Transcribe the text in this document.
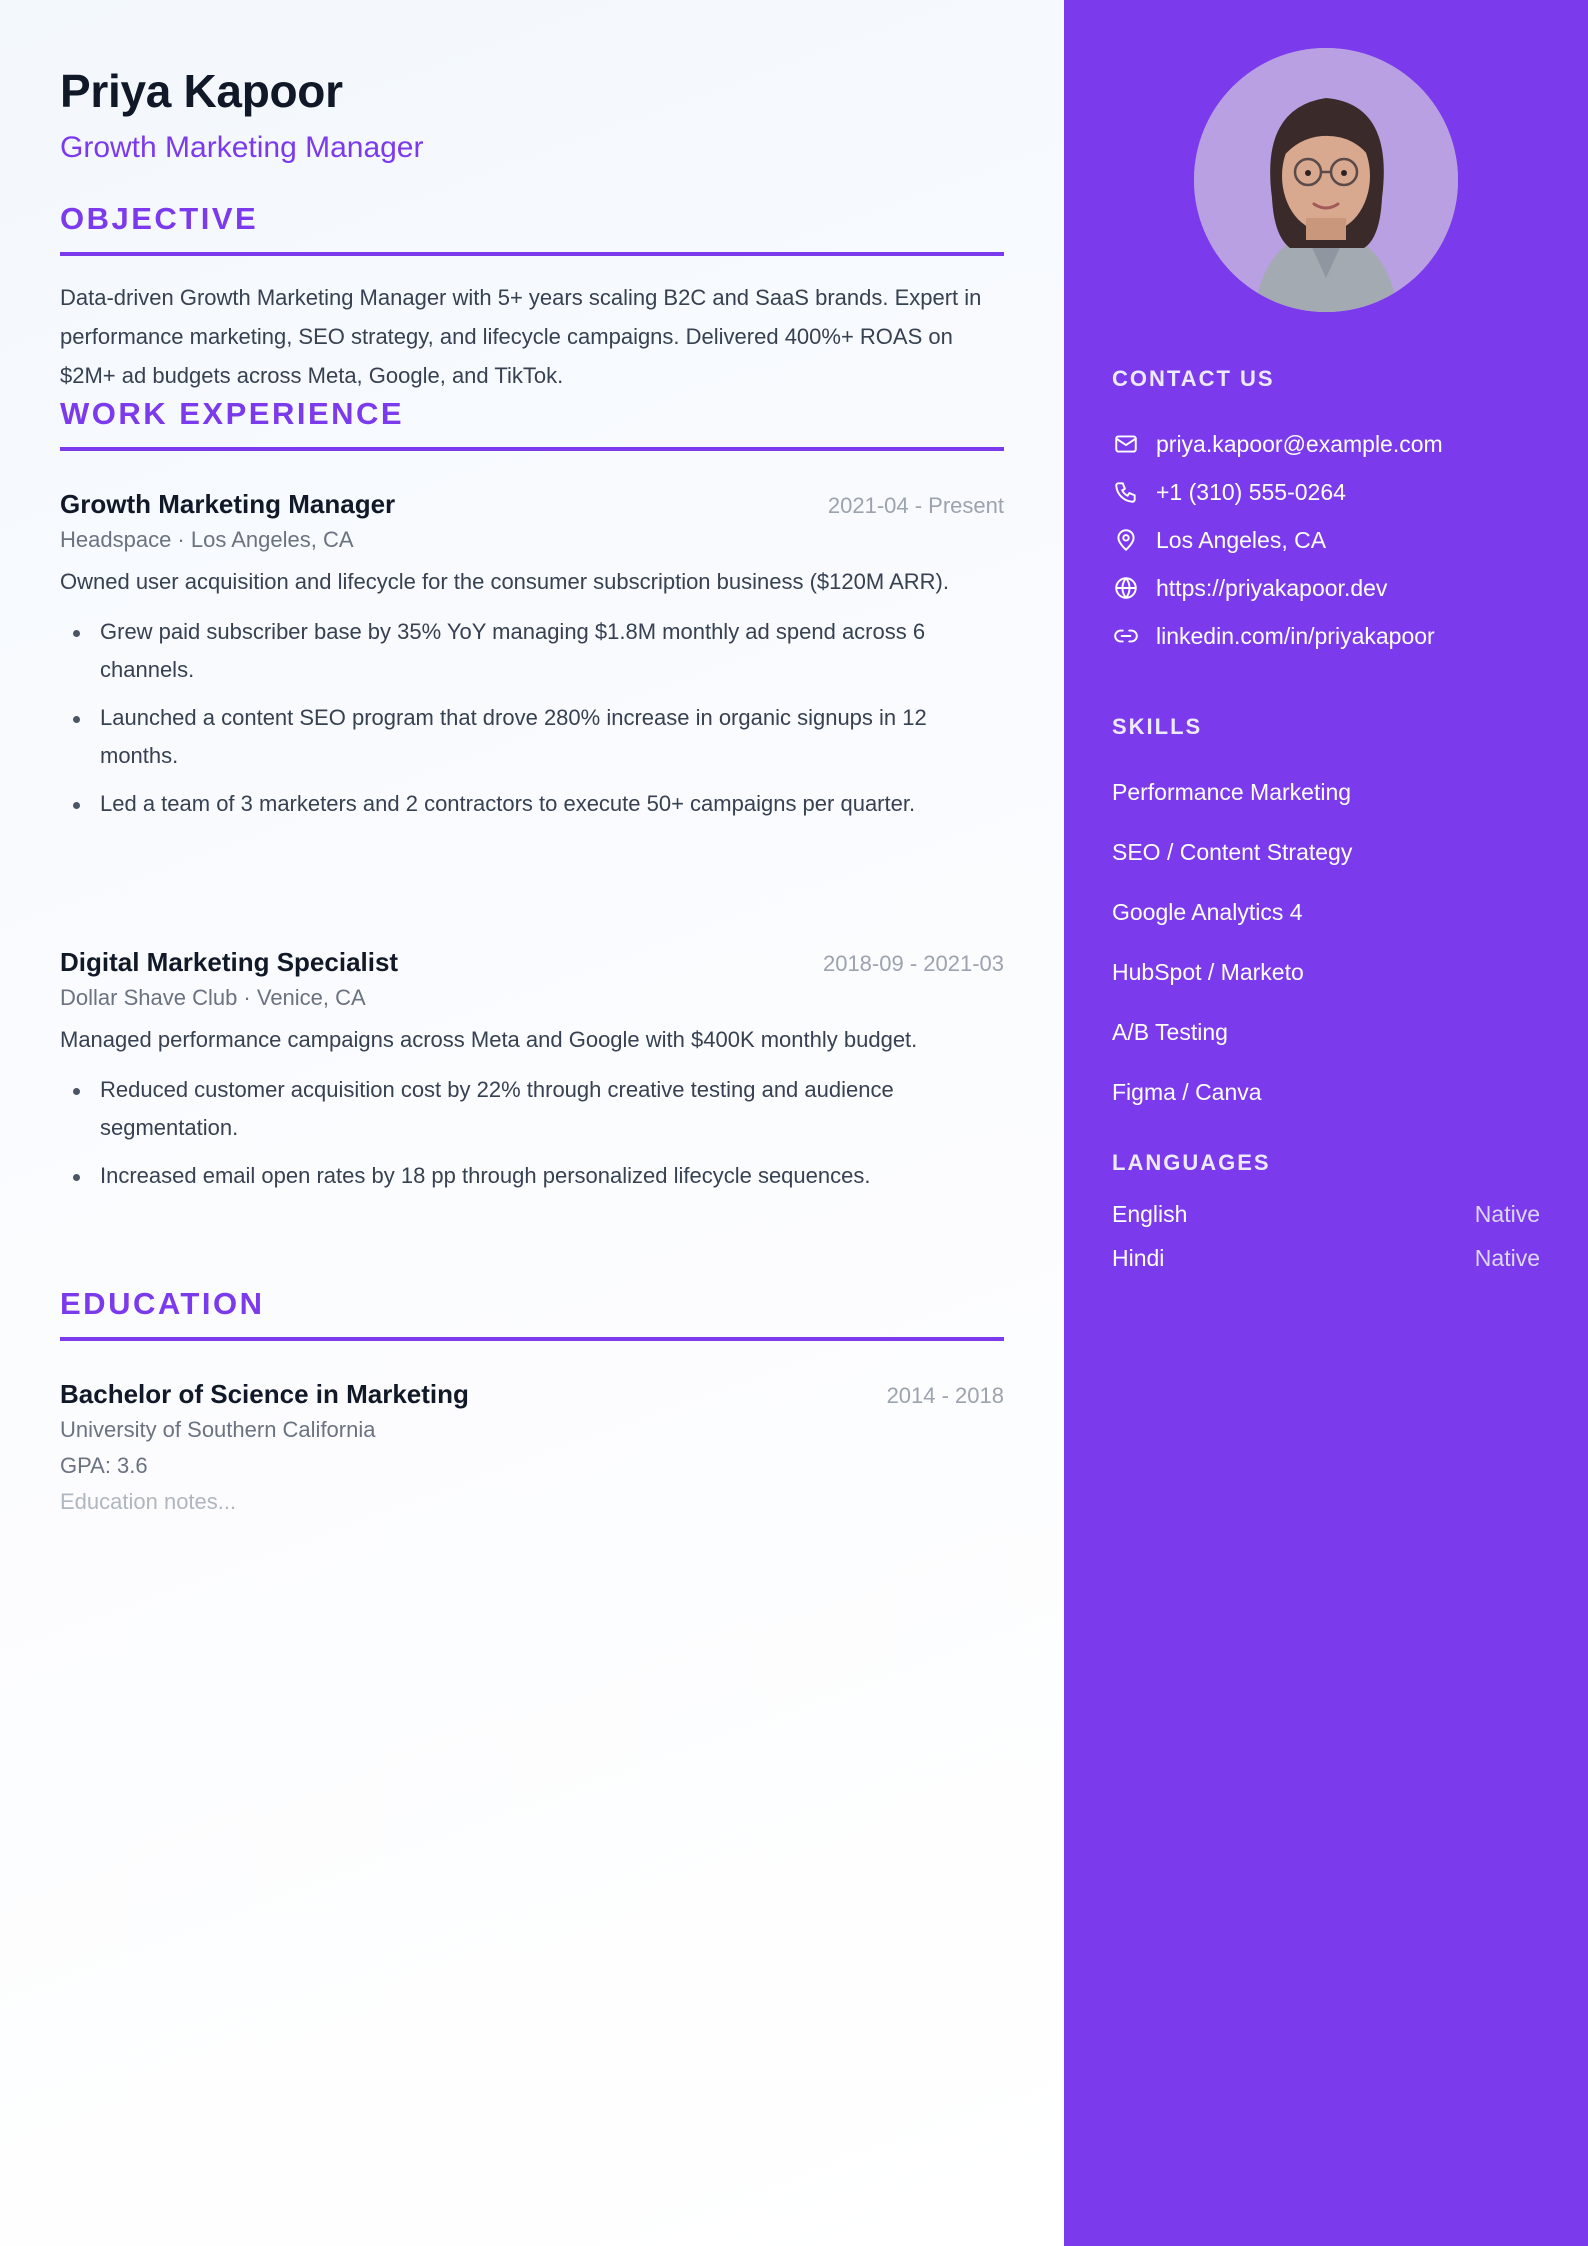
Priya Kapoor
Growth Marketing Manager
OBJECTIVE
Data-driven Growth Marketing Manager with 5+ years scaling B2C and SaaS brands. Expert in performance marketing, SEO strategy, and lifecycle campaigns. Delivered 400%+ ROAS on $2M+ ad budgets across Meta, Google, and TikTok.
WORK EXPERIENCE
Growth Marketing Manager	2021-04 - Present
Headspace · Los Angeles, CA
Owned user acquisition and lifecycle for the consumer subscription business ($120M ARR).
Grew paid subscriber base by 35% YoY managing $1.8M monthly ad spend across 6 channels.
Launched a content SEO program that drove 280% increase in organic signups in 12 months.
Led a team of 3 marketers and 2 contractors to execute 50+ campaigns per quarter.
Digital Marketing Specialist	2018-09 - 2021-03
Dollar Shave Club · Venice, CA
Managed performance campaigns across Meta and Google with $400K monthly budget.
Reduced customer acquisition cost by 22% through creative testing and audience segmentation.
Increased email open rates by 18 pp through personalized lifecycle sequences.
EDUCATION
Bachelor of Science in Marketing	2014 - 2018
University of Southern California
GPA: 3.6
Education notes...
CONTACT US
priya.kapoor@example.com
+1 (310) 555-0264
Los Angeles, CA
https://priyakapoor.dev
linkedin.com/in/priyakapoor
SKILLS
Performance Marketing
SEO / Content Strategy
Google Analytics 4
HubSpot / Marketo
A/B Testing
Figma / Canva
LANGUAGES
English	Native
Hindi	Native
